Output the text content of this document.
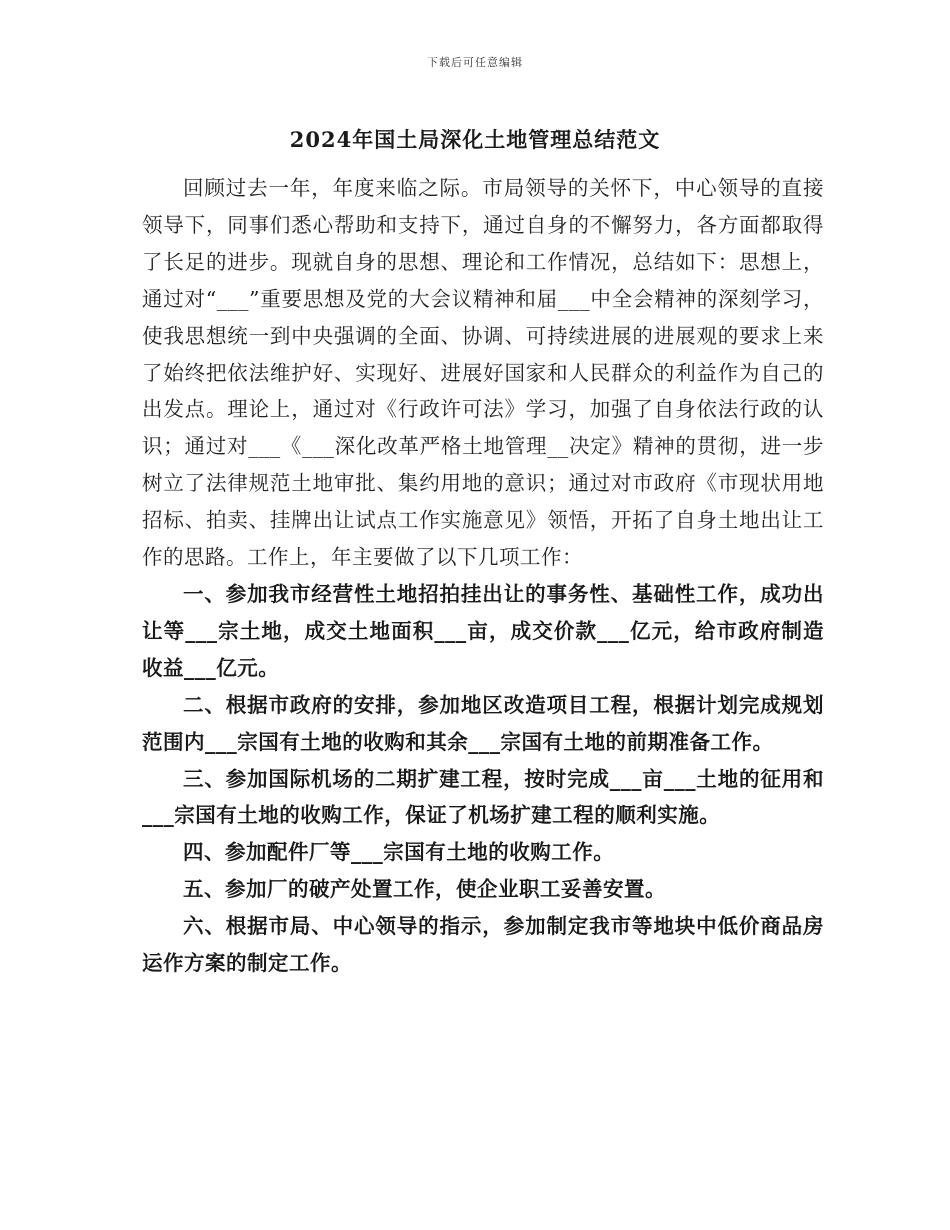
下载后可任意编辑
2024年国土局深化土地管理总结范文

回顾过去一年，年度来临之际。市局领导的关怀下，中心领导的直接领导下，同事们悉心帮助和支持下，通过自身的不懈努力，各方面都取得了长足的进步。现就自身的思想、理论和工作情况，总结如下：思想上，通过对“___”重要思想及党的大会议精神和届___中全会精神的深刻学习，使我思想统一到中央强调的全面、协调、可持续进展的进展观的要求上来了始终把依法维护好、实现好、进展好国家和人民群众的利益作为自己的出发点。理论上，通过对《行政许可法》学习，加强了自身依法行政的认识；通过对___《___深化改革严格土地管理__决定》精神的贯彻，进一步树立了法律规范土地审批、集约用地的意识；通过对市政府《市现状用地招标、拍卖、挂牌出让试点工作实施意见》领悟，开拓了自身土地出让工作的思路。工作上，年主要做了以下几项工作：

一、参加我市经营性土地招拍挂出让的事务性、基础性工作，成功出让等___宗土地，成交土地面积___亩，成交价款___亿元，给市政府制造收益___亿元。

二、根据市政府的安排，参加地区改造项目工程，根据计划完成规划范围内___宗国有土地的收购和其余___宗国有土地的前期准备工作。

三、参加国际机场的二期扩建工程，按时完成___亩___土地的征用和___宗国有土地的收购工作，保证了机场扩建工程的顺利实施。

四、参加配件厂等___宗国有土地的收购工作。

五、参加厂的破产处置工作，使企业职工妥善安置。

六、根据市局、中心领导的指示，参加制定我市等地块中低价商品房运作方案的制定工作。
